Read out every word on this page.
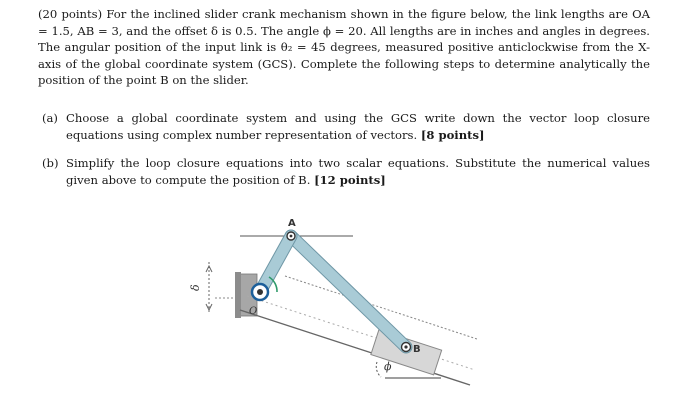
(20 points) For the inclined slider crank mechanism shown in the figure below, the link lengths are OA = 1.5, AB = 3, and the offset δ is 0.5. The angle ϕ = 20. All lengths are in inches and angles in degrees. The angular position of the input link is θ₂ = 45 degrees, measured positive anticlockwise from the X-axis of the global coordinate system (GCS). Complete the following steps to determine analytically the position of the point B on the slider.

(a) Choose a global coordinate system and using the GCS write down the vector loop closure equations using complex number representation of vectors. [8 points]
(b) Simplify the loop closure equations into two scalar equations. Substitute the numerical values given above to compute the position of B. [12 points]
δ
A
O
B
ϕ
